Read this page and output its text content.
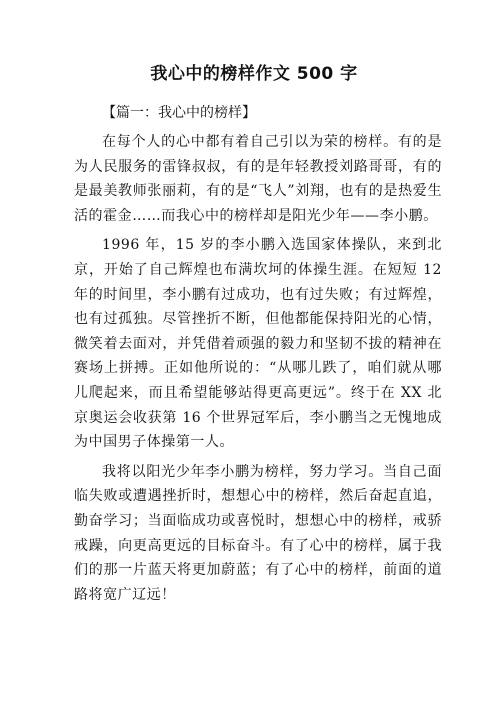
我心中的榜样作文 500 字

【篇一：我心中的榜样】

在每个人的心中都有着自己引以为荣的榜样。有的是为人民服务的雷锋叔叔，有的是年轻教授刘路哥哥，有的是最美教师张丽莉，有的是“飞人”刘翔，也有的是热爱生活的霍金……而我心中的榜样却是阳光少年——李小鹏。

1996 年，15 岁的李小鹏入选国家体操队，来到北京，开始了自己辉煌也布满坎坷的体操生涯。在短短 12 年的时间里，李小鹏有过成功，也有过失败；有过辉煌，也有过孤独。尽管挫折不断，但他都能保持阳光的心情，微笑着去面对，并凭借着顽强的毅力和坚韧不拔的精神在赛场上拼搏。正如他所说的：“从哪儿跌了，咱们就从哪儿爬起来，而且希望能够站得更高更远”。终于在 XX 北京奥运会收获第 16 个世界冠军后，李小鹏当之无愧地成为中国男子体操第一人。

我将以阳光少年李小鹏为榜样，努力学习。当自己面临失败或遭遇挫折时，想想心中的榜样，然后奋起直追，勤奋学习；当面临成功或喜悦时，想想心中的榜样，戒骄戒躁，向更高更远的目标奋斗。有了心中的榜样，属于我们的那一片蓝天将更加蔚蓝；有了心中的榜样，前面的道路将宽广辽远！
